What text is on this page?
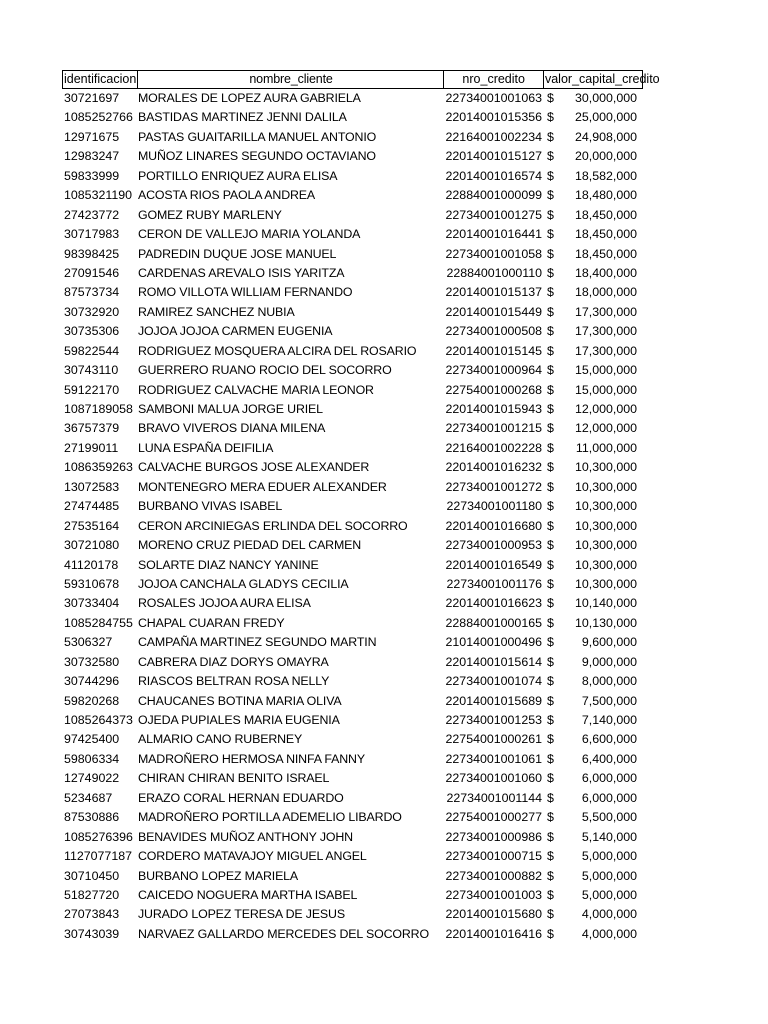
identificacion	nombre_cliente	nro_credito	valor_capital_credito
30721697	MORALES DE LOPEZ AURA GABRIELA	22734001001063 $ 30,000,000
1085252766 BASTIDAS MARTINEZ JENNI DALILA	22014001015356 $ 25,000,000
12971675	PASTAS GUAITARILLA MANUEL ANTONIO	22164001002234 $ 24,908,000
12983247	MUÑOZ LINARES SEGUNDO OCTAVIANO	22014001015127 $ 20,000,000
59833999	PORTILLO ENRIQUEZ AURA ELISA	22014001016574 $ 18,582,000
1085321190 ACOSTA RIOS PAOLA ANDREA	22884001000099 $ 18,480,000
27423772	GOMEZ RUBY MARLENY	22734001001275 $ 18,450,000
30717983	CERON DE VALLEJO MARIA YOLANDA	22014001016441 $ 18,450,000
98398425	PADREDIN DUQUE JOSE MANUEL	22734001001058 $ 18,450,000
27091546	CARDENAS AREVALO ISIS YARITZA	22884001000110 $ 18,400,000
87573734	ROMO VILLOTA WILLIAM FERNANDO	22014001015137 $ 18,000,000
30732920	RAMIREZ SANCHEZ NUBIA	22014001015449 $ 17,300,000
30735306	JOJOA JOJOA CARMEN EUGENIA	22734001000508 $ 17,300,000
59822544	RODRIGUEZ MOSQUERA ALCIRA DEL ROSARIO	22014001015145 $ 17,300,000
30743110	GUERRERO RUANO ROCIO DEL SOCORRO	22734001000964 $ 15,000,000
59122170	RODRIGUEZ CALVACHE MARIA LEONOR	22754001000268 $ 15,000,000
1087189058 SAMBONI MALUA JORGE URIEL	22014001015943 $ 12,000,000
36757379	BRAVO VIVEROS DIANA MILENA	22734001001215 $ 12,000,000
27199011	LUNA ESPAÑA DEIFILIA	22164001002228 $ 11,000,000
1086359263 CALVACHE BURGOS JOSE ALEXANDER	22014001016232 $ 10,300,000
13072583	MONTENEGRO MERA EDUER ALEXANDER	22734001001272 $ 10,300,000
27474485	BURBANO VIVAS ISABEL	22734001001180 $ 10,300,000
27535164	CERON ARCINIEGAS ERLINDA DEL SOCORRO	22014001016680 $ 10,300,000
30721080	MORENO CRUZ PIEDAD DEL CARMEN	22734001000953 $ 10,300,000
41120178	SOLARTE DIAZ NANCY YANINE	22014001016549 $ 10,300,000
59310678	JOJOA CANCHALA GLADYS CECILIA	22734001001176 $ 10,300,000
30733404	ROSALES JOJOA AURA ELISA	22014001016623 $ 10,140,000
1085284755 CHAPAL CUARAN FREDY	22884001000165 $ 10,130,000
5306327	CAMPAÑA MARTINEZ SEGUNDO MARTIN	21014001000496 $ 9,600,000
30732580	CABRERA DIAZ DORYS OMAYRA	22014001015614 $ 9,000,000
30744296	RIASCOS BELTRAN ROSA NELLY	22734001001074 $ 8,000,000
59820268	CHAUCANES BOTINA MARIA OLIVA	22014001015689 $ 7,500,000
1085264373 OJEDA PUPIALES MARIA EUGENIA	22734001001253 $ 7,140,000
97425400	ALMARIO CANO RUBERNEY	22754001000261 $ 6,600,000
59806334	MADROÑERO HERMOSA NINFA FANNY	22734001001061 $ 6,400,000
12749022	CHIRAN CHIRAN BENITO ISRAEL	22734001001060 $ 6,000,000
5234687	ERAZO CORAL HERNAN EDUARDO	22734001001144 $ 6,000,000
87530886	MADROÑERO PORTILLA ADEMELIO LIBARDO	22754001000277 $ 5,500,000
1085276396 BENAVIDES MUÑOZ ANTHONY JOHN	22734001000986 $ 5,140,000
1127077187 CORDERO MATAVAJOY MIGUEL ANGEL	22734001000715 $ 5,000,000
30710450	BURBANO LOPEZ MARIELA	22734001000882 $ 5,000,000
51827720	CAICEDO NOGUERA MARTHA ISABEL	22734001001003 $ 5,000,000
27073843	JURADO LOPEZ TERESA DE JESUS	22014001015680 $ 4,000,000
30743039	NARVAEZ GALLARDO MERCEDES DEL SOCORRO	22014001016416 $ 4,000,000
